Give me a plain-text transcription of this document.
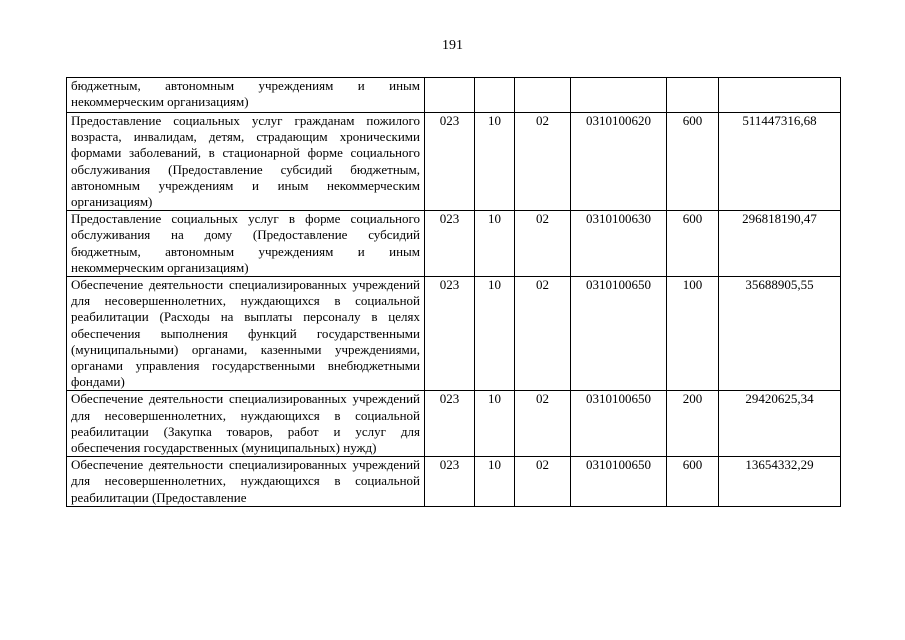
191
бюджетным, автономным учреждениям и иным некоммерческим организациям)						
Предоставление социальных услуг гражданам пожилого возраста, инвалидам, детям, страдающим хроническими формами заболеваний, в стационарной форме социального обслуживания (Предоставление субсидий бюджетным, автономным учреждениям и иным некоммерческим организациям)	023	10	02	0310100620	600	511447316,68
Предоставление социальных услуг в форме социального обслуживания на дому (Предоставление субсидий бюджетным, автономным учреждениям и иным некоммерческим организациям)	023	10	02	0310100630	600	296818190,47
Обеспечение деятельности специализированных учреждений для несовершеннолетних, нуждающихся в социальной реабилитации (Расходы на выплаты персоналу в целях обеспечения выполнения функций государственными (муниципальными) органами, казенными учреждениями, органами управления государственными внебюджетными фондами)	023	10	02	0310100650	100	35688905,55
Обеспечение деятельности специализированных учреждений для несовершеннолетних, нуждающихся в социальной реабилитации (Закупка товаров, работ и услуг для обеспечения государственных (муниципальных) нужд)	023	10	02	0310100650	200	29420625,34
Обеспечение деятельности специализированных учреждений для несовершеннолетних, нуждающихся в социальной реабилитации (Предоставление	023	10	02	0310100650	600	13654332,29
